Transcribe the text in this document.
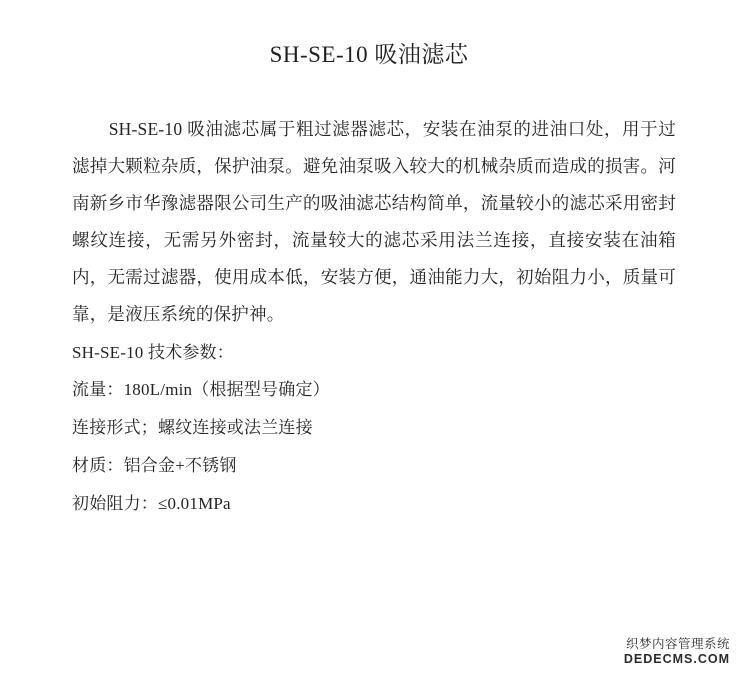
SH-SE-10 吸油滤芯

SH-SE-10 吸油滤芯属于粗过滤器滤芯，安装在油泵的进油口处，用于过滤掉大颗粒杂质，保护油泵。避免油泵吸入较大的机械杂质而造成的损害。河南新乡市华豫滤器限公司生产的吸油滤芯结构简单，流量较小的滤芯采用密封螺纹连接，无需另外密封，流量较大的滤芯采用法兰连接，直接安装在油箱内，无需过滤器，使用成本低，安装方便，通油能力大，初始阻力小，质量可靠，是液压系统的保护神。

SH-SE-10 技术参数：

流量：180L/min（根据型号确定）

连接形式；螺纹连接或法兰连接

材质：铝合金+不锈钢

初始阻力：≤0.01MPa

织梦内容管理系统
DEDECMS.COM
